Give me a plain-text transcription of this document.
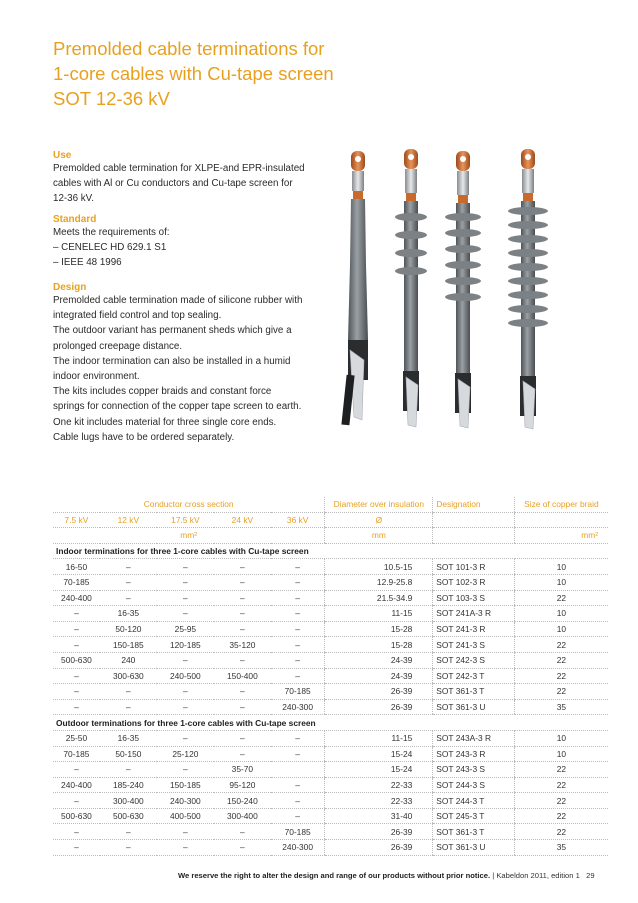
Premolded cable terminations for
1-core cables with Cu-tape screen
SOT 12-36 kV
Use
Premolded cable termination for XLPE-and EPR-insulated
cables with Al or Cu conductors and Cu-tape screen for
12-36 kV.
Standard
Meets the requirements of:
– CENELEC HD 629.1 S1
– IEEE 48 1996
Design
Premolded cable termination made of silicone rubber with
integrated field control and top sealing.
The outdoor variant has permanent sheds which give a
prolonged creepage distance.
The indoor termination can also be installed in a humid
indoor environment.
The kits includes copper braids and constant force
springs for connection of the copper tape screen to earth.
One kit includes material for three single core ends.
Cable lugs have to be ordered separately.
Conductor cross section					Diameter over insulation	Designation	Size of copper braid
7.5 kV	12 kV	17.5 kV	24 kV	36 kV	Ø		
mm²					mm		mm²
Indoor terminations for three 1-core cables with Cu-tape screen							
16-50	–	–	–	–	10.5-15	SOT 101-3 R	10
70-185	–	–	–	–	12.9-25.8	SOT 102-3 R	10
240-400	–	–	–	–	21.5-34.9	SOT 103-3 S	22
–	16-35	–	–	–	11-15	SOT 241A-3 R	10
–	50-120	25-95	–	–	15-28	SOT 241-3 R	10
–	150-185	120-185	35-120	–	15-28	SOT 241-3 S	22
500-630	240	–	–	–	24-39	SOT 242-3 S	22
–	300-630	240-500	150-400	–	24-39	SOT 242-3 T	22
–	–	–	–	70-185	26-39	SOT 361-3 T	22
–	–	–	–	240-300	26-39	SOT 361-3 U	35
Outdoor terminations for three 1-core cables with Cu-tape screen							
25-50	16-35	–	–	–	11-15	SOT 243A-3 R	10
70-185	50-150	25-120	–	–	15-24	SOT 243-3 R	10
–	–	–	35-70		15-24	SOT 243-3 S	22
240-400	185-240	150-185	95-120	–	22-33	SOT 244-3 S	22
–	300-400	240-300	150-240	–	22-33	SOT 244-3 T	22
500-630	500-630	400-500	300-400	–	31-40	SOT 245-3 T	22
–	–	–	–	70-185	26-39	SOT 361-3 T	22
–	–	–	–	240-300	26-39	SOT 361-3 U	35
We reserve the right to alter the design and range of our products without prior notice. | Kabeldon 2011, edition 1 29
